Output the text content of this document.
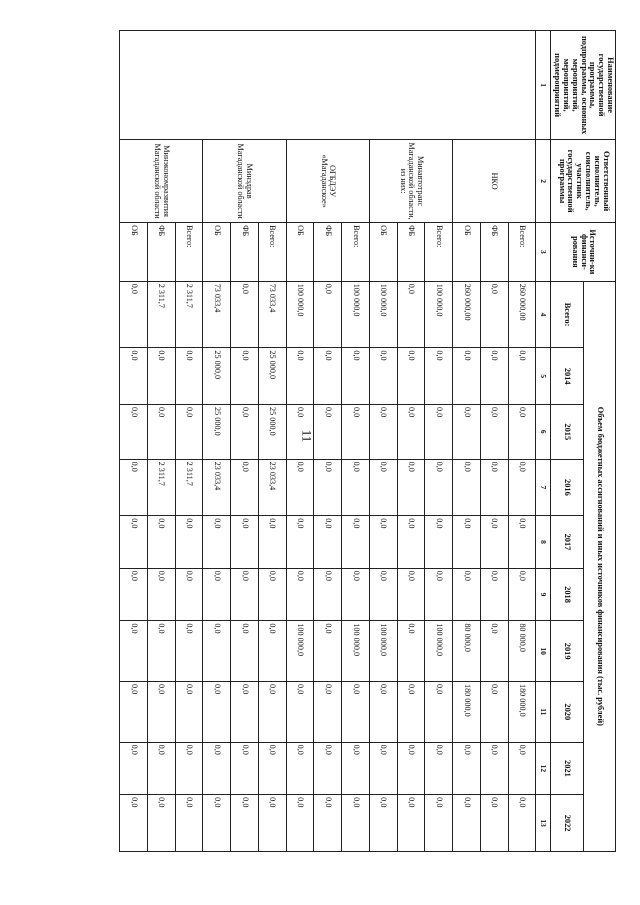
11
Наименование государственной программы, подпрограммы, основных мероприятий, мероприятий, подмероприятий	Ответственный исполнитель, соисполнитель, участник государственной программы	Источни-ки финанси-рования	Объем бюджетных ассигнований и иных источников финансирования (тыс. рублей)									
			Всего:	2014	2015	2016	2017	2018	2019	2020	2021	2022
1	2	3	4	5	6	7	8	9	10	11	12	13
	НКО	Всего:	260 000,00	0,0	0,0	0,0	0,0	0,0	80 000,0	180 000,0	0,0	0,0
		ФБ	0,0	0,0	0,0	0,0	0,0	0,0	0,0	0,0	0,0	0,0
		ОБ	260 000,00	0,0	0,0	0,0	0,0	0,0	80 000,0	180 000,0	0,0	0,0
	Минавтотранс Магаданской области, из них:	Всего:	100 000,0	0,0	0,0	0,0	0,0	0,0	100 000,0	0,0	0,0	0,0
		ФБ	0,0	0,0	0,0	0,0	0,0	0,0	0,0	0,0	0,0	0,0
		ОБ	100 000,0	0,0	0,0	0,0	0,0	0,0	100 000,0	0,0	0,0	0,0
	ОГБДЭУ «Магаданское»	Всего:	100 000,0	0,0	0,0	0,0	0,0	0,0	100 000,0	0,0	0,0	0,0
		ФБ	0,0	0,0	0,0	0,0	0,0	0,0	0,0	0,0	0,0	0,0
		ОБ	100 000,0	0,0	0,0	0,0	0,0	0,0	100 000,0	0,0	0,0	0,0
	Минздрав Магаданской области	Всего:	73 033,4	25 000,0	25 000,0	23 033,4	0,0	0,0	0,0	0,0	0,0	0,0
		ФБ	0,0	0,0	0,0	0,0	0,0	0,0	0,0	0,0	0,0	0,0
		ОБ	73 033,4	25 000,0	25 000,0	23 033,4	0,0	0,0	0,0	0,0	0,0	0,0
	Минэкономразвития Магаданской области	Всего:	2 311,7	0,0	0,0	2 311,7	0,0	0,0	0,0	0,0	0,0	0,0
		ФБ	2 311,7	0,0	0,0	2 311,7	0,0	0,0	0,0	0,0	0,0	0,0
		ОБ	0,0	0,0	0,0	0,0	0,0	0,0	0,0	0,0	0,0	0,0
